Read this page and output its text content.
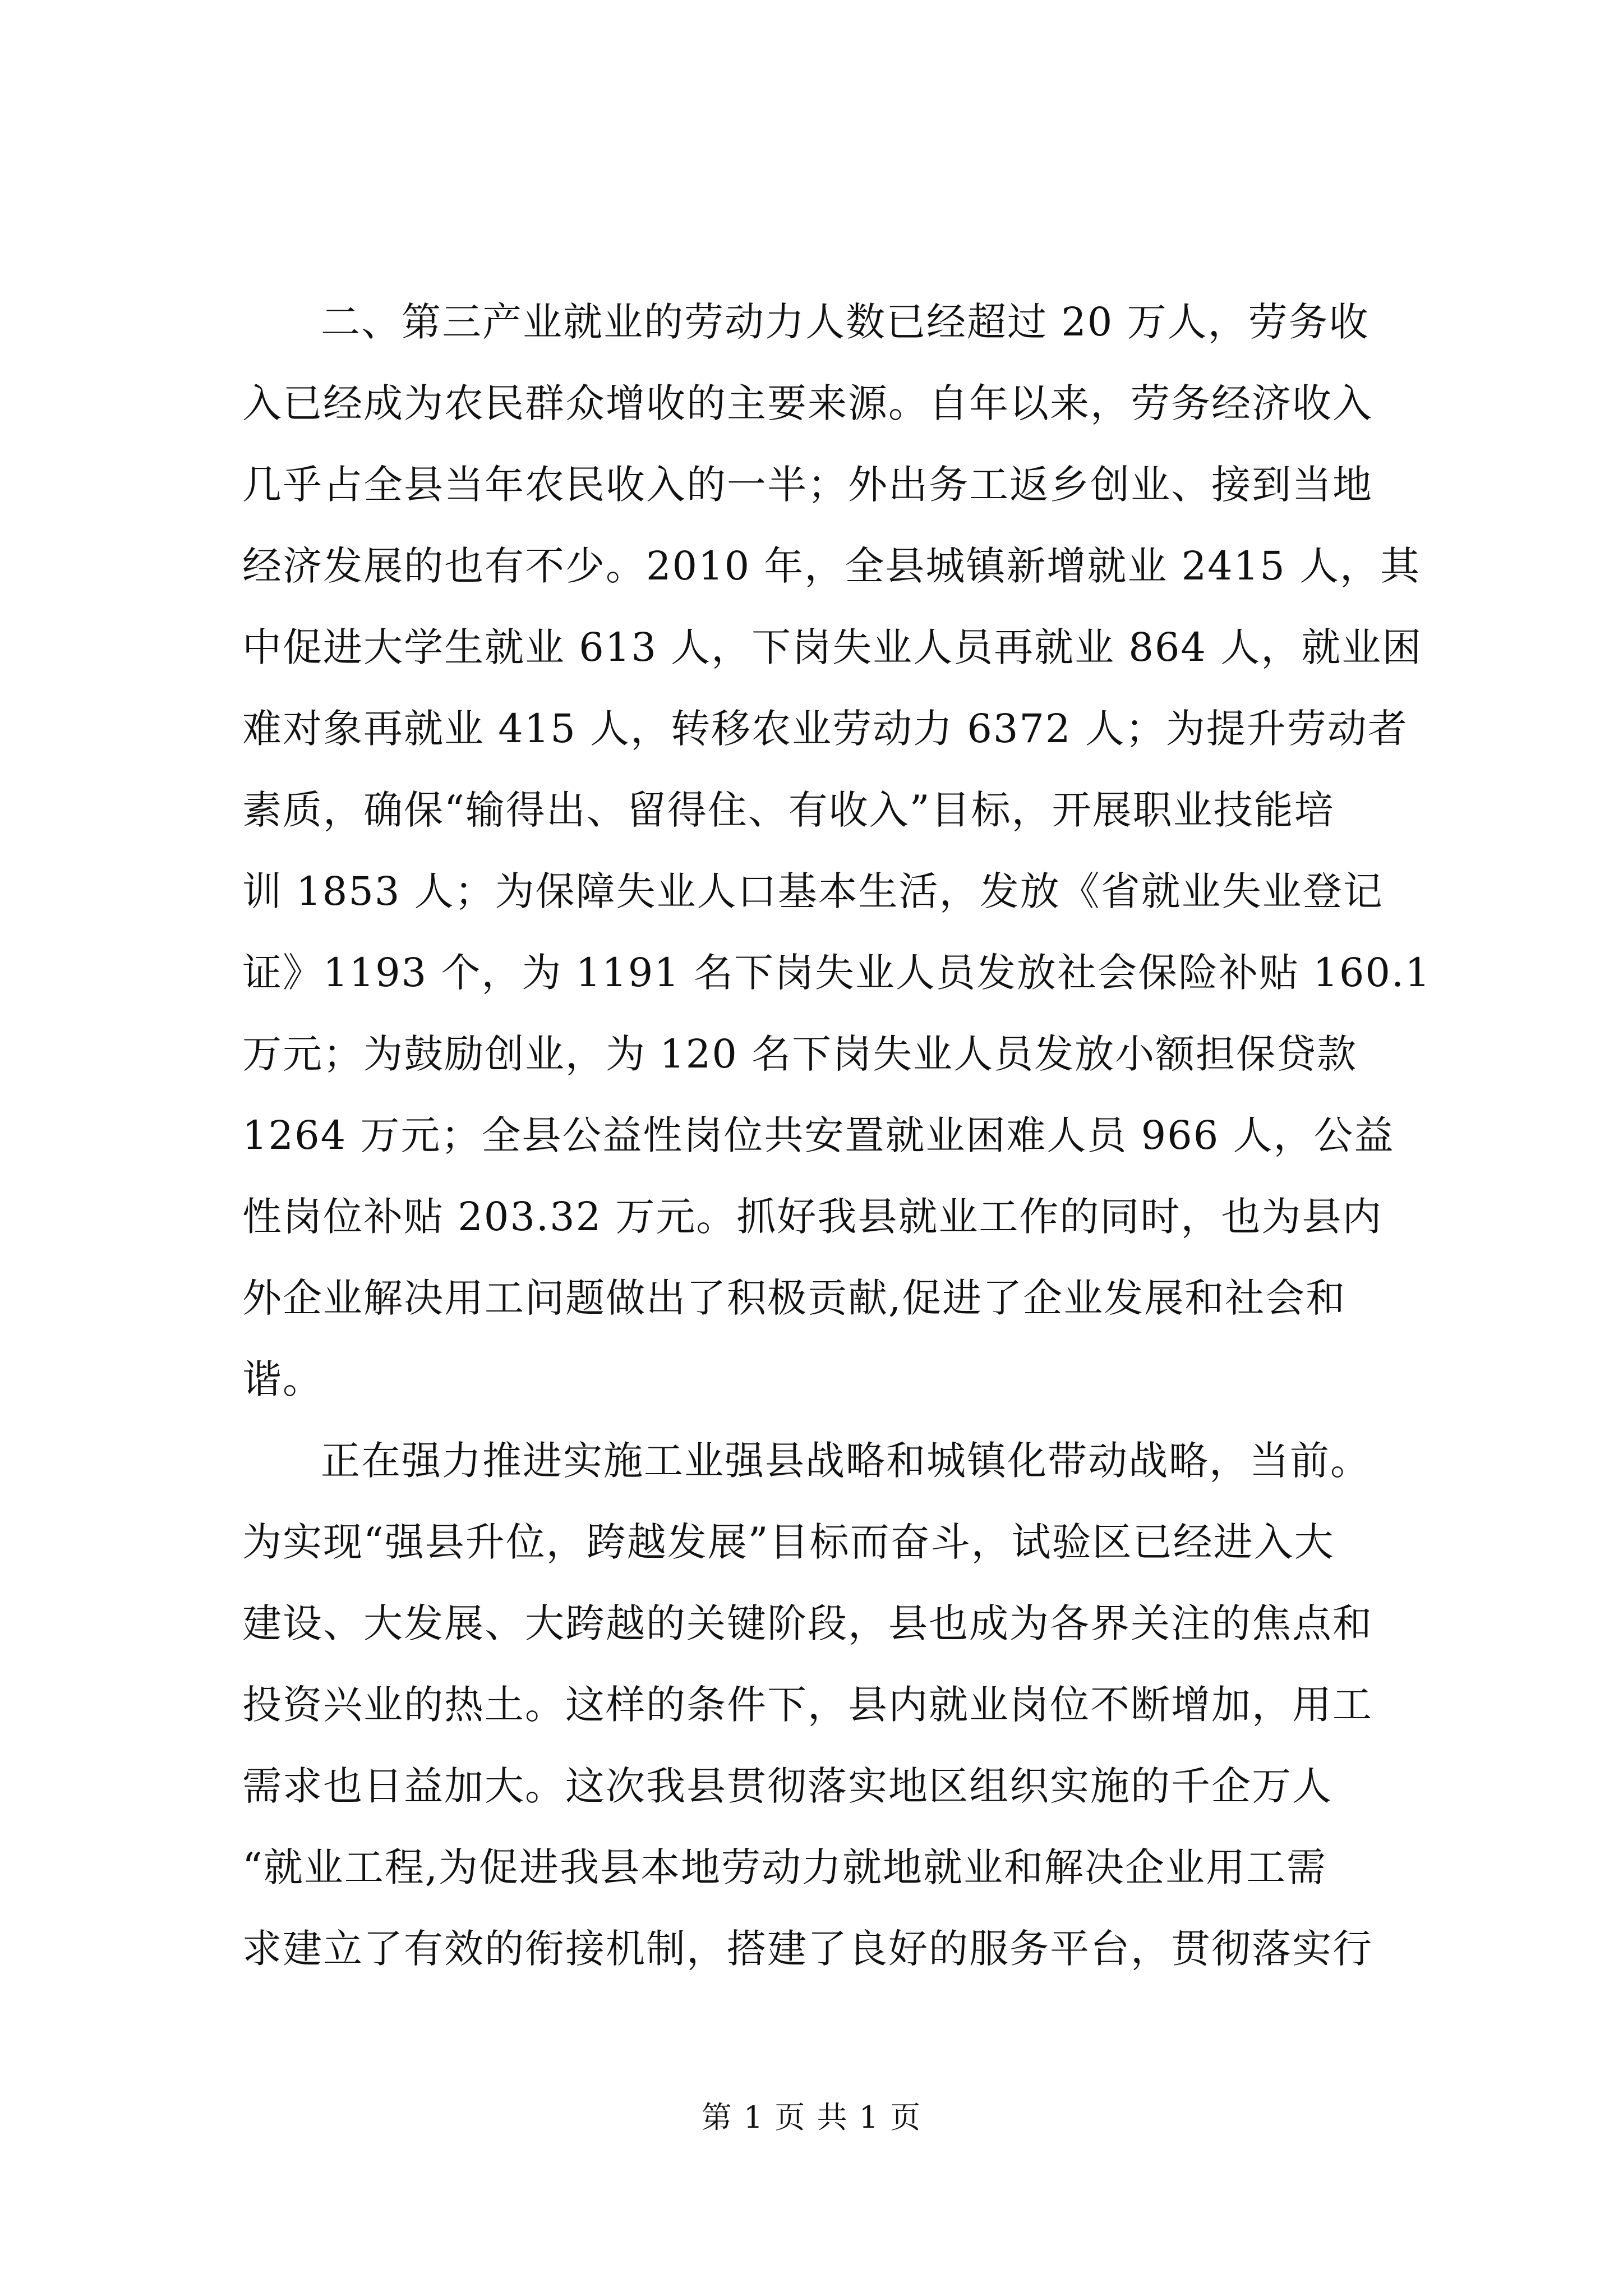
二、第三产业就业的劳动力人数已经超过 20 万人，劳务收
入已经成为农民群众增收的主要来源。自年以来，劳务经济收入
几乎占全县当年农民收入的一半；外出务工返乡创业、接到当地
经济发展的也有不少。2010 年，全县城镇新增就业 2415 人，其
中促进大学生就业 613 人，下岗失业人员再就业 864 人，就业困
难对象再就业 415 人，转移农业劳动力 6372 人；为提升劳动者
素质，确保“输得出、留得住、有收入”目标，开展职业技能培
训 1853 人；为保障失业人口基本生活，发放《省就业失业登记
证》1193 个，为 1191 名下岗失业人员发放社会保险补贴 160.1
万元；为鼓励创业，为 120 名下岗失业人员发放小额担保贷款
1264 万元；全县公益性岗位共安置就业困难人员 966 人，公益
性岗位补贴 203.32 万元。抓好我县就业工作的同时，也为县内
外企业解决用工问题做出了积极贡献,促进了企业发展和社会和
谐。
正在强力推进实施工业强县战略和城镇化带动战略，当前。
为实现“强县升位，跨越发展”目标而奋斗，试验区已经进入大
建设、大发展、大跨越的关键阶段，县也成为各界关注的焦点和
投资兴业的热土。这样的条件下，县内就业岗位不断增加，用工
需求也日益加大。这次我县贯彻落实地区组织实施的千企万人
“就业工程,为促进我县本地劳动力就地就业和解决企业用工需
求建立了有效的衔接机制，搭建了良好的服务平台，贯彻落实行
第 1 页 共 1 页
